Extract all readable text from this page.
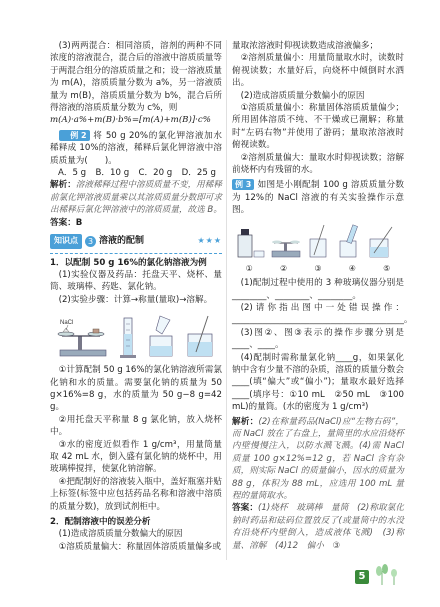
(3)两两混合：相同溶质，溶剂的两种不同浓度的溶液混合，混合后的溶液中溶质质量等于两混合组分的溶质质量之和；设一溶液质量为 m(A)，溶质质量分数为 a%，另一溶液质量为 m(B)，溶质质量分数为 b%，混合后所得溶液的溶质质量分数为 c%，则

m(A)·a%+m(B)·b%=[m(A)+m(B)]·c%

例 2 将 50 g 20%的氯化钾溶液加水稀释成 10%的溶液，稀释后氯化钾溶液中溶质质量为(　　)。

A．5 g B．10 g C．20 g D．25 g

解析：溶液稀释过程中溶质质量不变，用稀释前氯化钾溶液质量乘以其溶质质量分数即可求出稀释后氯化钾溶液中的溶质质量，故选 B。

答案：B

知识点	3 溶液的配制	★★★

1．以配制 50 g 16%的氯化钠溶液为例

(1)实验仪器及药品：托盘天平、烧杯、量筒、玻璃棒、药匙、氯化钠。

(2)实验步骤：计算→称量(量取)→溶解。

NaCl

①计算配制 50 g 16%的氯化钠溶液所需氯化钠和水的质量。需要氯化钠的质量为 50 g×16%=8 g，水的质量为 50 g−8 g=42 g。

②用托盘天平称量 8 g 氯化钠，放入烧杯中。

③水的密度近似看作 1 g/cm³，用量筒量取 42 mL 水，倒入盛有氯化钠的烧杯中，用玻璃棒搅拌，使氯化钠溶解。

④把配制好的溶液装入瓶中，盖好瓶塞并贴上标签(标签中应包括药品名称和溶液中溶质的质量分数)，放到试剂柜中。

2．配制溶液中的误差分析

(1)造成溶质质量分数偏大的原因

①溶质质量偏大：称量固体溶质质量偏多或

量取浓溶液时仰视读数造成溶液偏多；

②溶剂质量偏小：用量筒量取水时，读数时俯视读数；水量好后，向烧杯中倾倒时水洒出。

(2)造成溶质质量分数偏小的原因

①溶质质量偏小：称量固体溶质质量偏少；所用固体溶质不纯、不干燥或已潮解；称量时“左码右物”并使用了游码；量取浓溶液时俯视读数。

②溶剂质量偏大：量取水时仰视读数；溶解前烧杯内有残留的水。

例 3 如图是小刚配制 100 g 溶质质量分数为 12%的 NaCl 溶液的有关实验操作示意图。

①	②	③	④	⑤

(1)配制过程中使用的 3 种玻璃仪器分别是________、________、________。

(2)请你指出图中一处错误操作：________________________________________。

(3)图②、图③表示的操作步骤分别是____、____。

(4)配制时需称量氯化钠____g，如果氯化钠中含有少量不溶的杂质，溶质的质量分数会____(填“偏大”或“偏小”)；量取水最好选择____(填序号：①10 mL　②50 mL　③100 mL)的量筒。(水的密度为 1 g/cm³)

解析：(2)在称量药品(NaCl)应“左物右码”，而 NaCl 放在了右盘上，量筒里的水应沿烧杯内壁慢慢注入，以防水溅飞溅。(4)需 NaCl 质量 100 g×12%=12 g，若 NaCl 含有杂质，则实际 NaCl 的质量偏小，因水的质量为 88 g，体积为 88 mL，应选用 100 mL 量程的量筒取水。

答案：(1)烧杯　玻璃棒　量筒　(2)称取氯化钠时药品和砝码位置放反了(或量筒中的水没有沿烧杯内壁倒入，造成液体飞溅)　(3)称量、溶解　(4)12　偏小　③

5
